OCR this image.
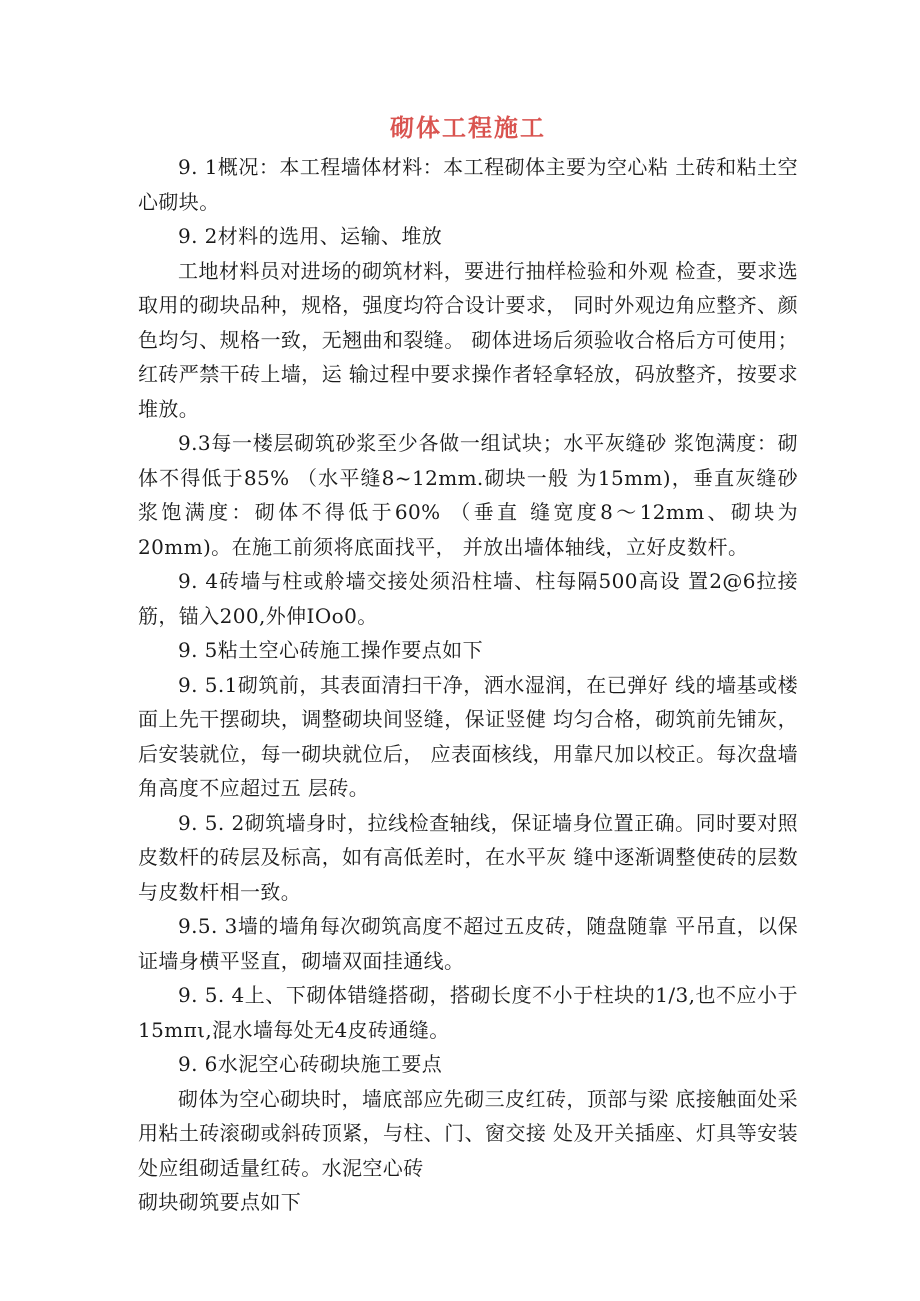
砌体工程施工

9. 1概况：本工程墙体材料：本工程砌体主要为空心粘 土砖和粘土空心砌块。

9. 2材料的选用、运输、堆放

工地材料员对进场的砌筑材料，要进行抽样检验和外观 检查，要求选取用的砌块品种，规格，强度均符合设计要求， 同时外观边角应整齐、颜色均匀、规格一致，无翘曲和裂缝。 砌体进场后须验收合格后方可使用；红砖严禁干砖上墙，运 输过程中要求操作者轻拿轻放，码放整齐，按要求堆放。

9.3每一楼层砌筑砂浆至少各做一组试块；水平灰缝砂 浆饱满度：砌体不得低于85% （水平缝8~12mm.砌块一般 为15mm)，垂直灰缝砂浆饱满度：砌体不得低于60% （垂直 缝宽度8～12mm、砌块为20mm)。在施工前须将底面找平， 并放出墙体轴线，立好皮数杆。

9. 4砖墙与柱或舲墙交接处须沿柱墙、柱每隔500高设 置2@6拉接筋，锚入200,外伸IOo0。

9. 5粘土空心砖施工操作要点如下

9. 5.1砌筑前，其表面清扫干净，洒水湿润，在已弹好 线的墙基或楼面上先干摆砌块，调整砌块间竖缝，保证竖健 均匀合格，砌筑前先铺灰，后安装就位，每一砌块就位后， 应表面核线，用靠尺加以校正。每次盘墙角高度不应超过五 层砖。

9. 5. 2砌筑墙身时，拉线检查轴线，保证墙身位置正确。同时要对照皮数杆的砖层及标高，如有高低差时，在水平灰 缝中逐渐调整使砖的层数与皮数杆相一致。

9.5. 3墙的墙角每次砌筑高度不超过五皮砖，随盘随靠 平吊直，以保证墙身横平竖直，砌墙双面挂通线。

9. 5. 4上、下砌体错缝搭砌，搭砌长度不小于柱块的1/3,也不应小于15mπι,混水墙每处无4皮砖通缝。

9. 6水泥空心砖砌块施工要点

砌体为空心砌块时，墙底部应先砌三皮红砖，顶部与梁 底接触面处采用粘土砖滚砌或斜砖顶紧，与柱、门、窗交接 处及开关插座、灯具等安装处应组砌适量红砖。水泥空心砖

砌块砌筑要点如下
